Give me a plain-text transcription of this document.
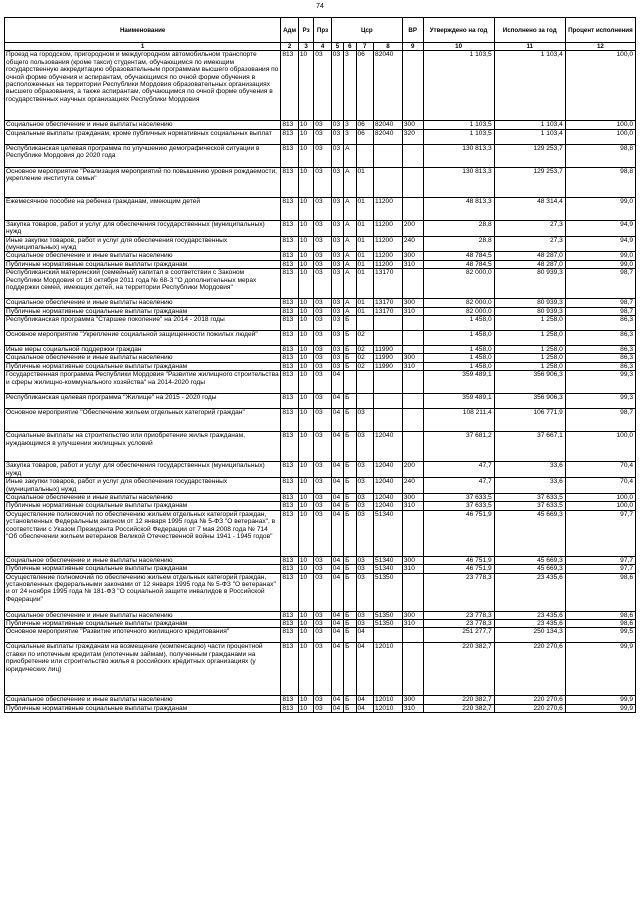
74
Наименование	Адм	Рз	Прз	Цср				ВР	Утверждено на год	Исполнено за год	Процент исполнения
1	2	3	4	5	6	7	8	9	10	11	12
Проезд на городском, пригородном и междугородном автомобильном транспорте общего пользования (кроме такси) студентам, обучающимся по имеющим государственную аккредитацию образовательным программам высшего образования по очной форме обучения и аспирантам, обучающимся по очной форме обучения в расположенных на территории Республики Мордовия образовательных организациях высшего образования, а также аспирантам, обучающимся по очной форме обучения в государственных научных организациях Республики Мордовия	813	10	03	03	3	06	82040		1 103,5	1 103,4	100,0
Социальное обеспечение и иные выплаты населению	813	10	03	03	3	06	82040	300	1 103,5	1 103,4	100,0
Социальные выплаты гражданам, кроме публичных нормативных социальных выплат	813	10	03	03	3	06	82040	320	1 103,5	1 103,4	100,0
Республиканская целевая программа по улучшению демографической ситуации в Республике Мордовия до 2020 года	813	10	03	03	А				130 813,3	129 253,7	98,8
Основное мероприятие "Реализация мероприятий по повышению уровня рождаемости, укрепление института семьи"	813	10	03	03	А	01			130 813,3	129 253,7	98,8
Ежемесячное пособие на ребенка гражданам, имеющим детей	813	10	03	03	А	01	11200		48 813,3	48 314,4	99,0
Закупка товаров, работ и услуг для обеспечения государственных (муниципальных) нужд	813	10	03	03	А	01	11200	200	28,8	27,3	94,9
Иные закупки товаров, работ и услуг для обеспечения государственных (муниципальных) нужд	813	10	03	03	А	01	11200	240	28,8	27,3	94,9
Социальное обеспечение и иные выплаты населению	813	10	03	03	А	01	11200	300	48 784,5	48 287,0	99,0
Публичные нормативные социальные выплаты гражданам	813	10	03	03	А	01	11200	310	48 784,5	48 287,0	99,0
Республиканский материнский (семейный) капитал в соответствии с Законом Республики Мордовия от 18 октября 2011 года № 68-З "О дополнительных мерах поддержки семей, имеющих детей, на территории Республики Мордовия"	813	10	03	03	А	01	13170		82 000,0	80 939,3	98,7
Социальное обеспечение и иные выплаты населению	813	10	03	03	А	01	13170	300	82 000,0	80 939,3	98,7
Публичные нормативные социальные выплаты гражданам	813	10	03	03	А	01	13170	310	82 000,0	80 939,3	98,7
Республиканская программа "Старшее поколение" на 2014 - 2018 годы	813	10	03	03	Б				1 458,0	1 258,0	86,3
Основное мероприятие "Укрепление социальной защищенности пожилых людей"	813	10	03	03	Б	02			1 458,0	1 258,0	86,3
Иные меры социальной поддержки граждан	813	10	03	03	Б	02	11990		1 458,0	1 258,0	86,3
Социальное обеспечение и иные выплаты населению	813	10	03	03	Б	02	11990	300	1 458,0	1 258,0	86,3
Публичные нормативные социальные выплаты гражданам	813	10	03	03	Б	02	11990	310	1 458,0	1 258,0	86,3
Государственная программа Республики Мордовия "Развитие жилищного строительства и сферы жилищно-коммунального хозяйства" на 2014-2020 годы	813	10	03	04					359 489,1	356 906,3	99,3
Республиканская целевая программа "Жилище" на 2015 - 2020 годы	813	10	03	04	Б				359 489,1	356 906,3	99,3
Основное мероприятие "Обеспечение жильем отдельных категорий граждан"	813	10	03	04	Б	03			108 211,4	106 771,9	98,7
Социальные выплаты на строительство или приобретение жилья гражданам, нуждающимся в улучшении жилищных условий	813	10	03	04	Б	03	12040		37 681,2	37 667,1	100,0
Закупка товаров, работ и услуг для обеспечения государственных (муниципальных) нужд	813	10	03	04	Б	03	12040	200	47,7	33,6	70,4
Иные закупки товаров, работ и услуг для обеспечения государственных (муниципальных) нужд	813	10	03	04	Б	03	12040	240	47,7	33,6	70,4
Социальное обеспечение и иные выплаты населению	813	10	03	04	Б	03	12040	300	37 633,5	37 633,5	100,0
Публичные нормативные социальные выплаты гражданам	813	10	03	04	Б	03	12040	310	37 633,5	37 633,5	100,0
Осуществление полномочий по обеспечению жильем отдельных категорий граждан, установленных Федеральным законом от 12 января 1995 года № 5-ФЗ "О ветеранах", в соответствии с Указом Президента Российской Федерации от 7 мая 2008 года № 714 "Об обеспечении жильем ветеранов Великой Отечественной войны 1941 - 1945 годов"	813	10	03	04	Б	03	51340		46 751,9	45 669,3	97,7
Социальное обеспечение и иные выплаты населению	813	10	03	04	Б	03	51340	300	46 751,9	45 669,3	97,7
Публичные нормативные социальные выплаты гражданам	813	10	03	04	Б	03	51340	310	46 751,9	45 669,3	97,7
Осуществление полномочий по обеспечению жильем отдельных категорий граждан, установленных федеральными законами от 12 января 1995 года № 5-ФЗ "О ветеранах" и от 24 ноября 1995 года № 181-ФЗ "О социальной защите инвалидов в Российской Федерации"	813	10	03	04	Б	03	51350		23 778,3	23 435,6	98,6
Социальное обеспечение и иные выплаты населению	813	10	03	04	Б	03	51350	300	23 778,3	23 435,6	98,6
Публичные нормативные социальные выплаты гражданам	813	10	03	04	Б	03	51350	310	23 778,3	23 435,6	98,6
Основное мероприятие "Развитие ипотечного жилищного кредитования"	813	10	03	04	Б	04			251 277,7	250 134,3	99,5
Социальные выплаты гражданам на возмещение (компенсацию) части процентной ставки по ипотечным кредитам (ипотечным займам), полученным гражданами на приобретение или строительство жилья в российских кредитных организациях (у юридических лиц)	813	10	03	04	Б	04	12010		220 382,7	220 270,6	99,9
Социальное обеспечение и иные выплаты населению	813	10	03	04	Б	04	12010	300	220 382,7	220 270,6	99,9
Публичные нормативные социальные выплаты гражданам	813	10	03	04	Б	04	12010	310	220 382,7	220 270,6	99,9
